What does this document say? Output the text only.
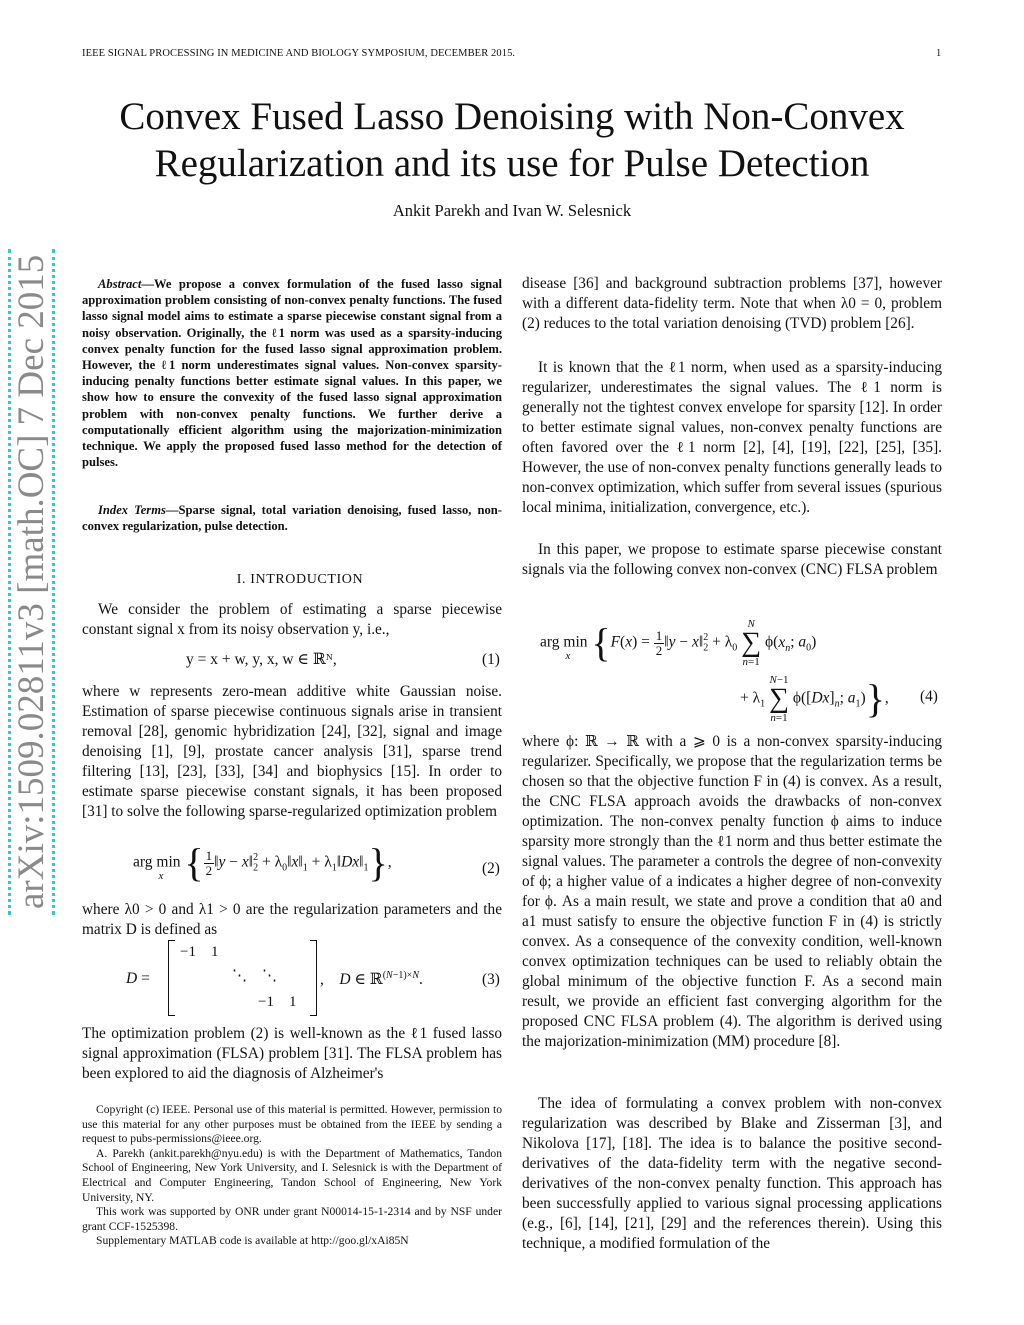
IEEE SIGNAL PROCESSING IN MEDICINE AND BIOLOGY SYMPOSIUM, DECEMBER 2015.	1
Convex Fused Lasso Denoising with Non-Convex
Regularization and its use for Pulse Detection
Ankit Parekh and Ivan W. Selesnick
arXiv:1509.02811v3 [math.OC] 7 Dec 2015	Abstract—We propose a convex formulation of the fused lasso signal approximation problem consisting of non-convex penalty functions. The fused lasso signal model aims to estimate a sparse piecewise constant signal from a noisy observation. Originally, the ℓ1 norm was used as a sparsity-inducing convex penalty function for the fused lasso signal approximation problem. However, the ℓ1 norm underestimates signal values. Non-convex sparsity-inducing penalty functions better estimate signal values. In this paper, we show how to ensure the convexity of the fused lasso signal approximation problem with non-convex penalty functions. We further derive a computationally efficient algorithm using the majorization-minimization technique. We apply the proposed fused lasso method for the detection of pulses.

Index Terms—Sparse signal, total variation denoising, fused lasso, non-convex regularization, pulse detection.

I. INTRODUCTION

We consider the problem of estimating a sparse piecewise constant signal x from its noisy observation y, i.e.,

y = x + w, y, x, w ∈ ℝᴺ,	(1)

where w represents zero-mean additive white Gaussian noise. Estimation of sparse piecewise continuous signals arise in transient removal [28], genomic hybridization [24], [32], signal and image denoising [1], [9], prostate cancer analysis [31], sparse trend filtering [13], [23], [33], [34] and biophysics [15]. In order to estimate sparse piecewise constant signals, it has been proposed [31] to solve the following sparse-regularized optimization problem

arg min
x { $\frac{1}{2}$ ‖y − $x‖_2^2$ + $\lambda_0‖x‖_1$ + $\lambda_1‖Dx‖_1$},	(2)

where λ0 > 0 and λ1 > 0 are the regularization parameters and the matrix D is defined as

D =
−1    1
⋱    ⋱
−1    1
,    D ∈ ℝ$^{(N-1)\times N}$.	(3)

The optimization problem (2) is well-known as the ℓ1 fused lasso signal approximation (FLSA) problem [31]. The FLSA problem has been explored to aid the diagnosis of Alzheimer's

Copyright (c) IEEE. Personal use of this material is permitted. However, permission to use this material for any other purposes must be obtained from the IEEE by sending a request to pubs-permissions@ieee.org.

A. Parekh (ankit.parekh@nyu.edu) is with the Department of Mathematics, Tandon School of Engineering, New York University, and I. Selesnick is with the Department of Electrical and Computer Engineering, Tandon School of Engineering, New York University, NY.

This work was supported by ONR under grant N00014-15-1-2314 and by NSF under grant CCF-1525398.

Supplementary MATLAB code is available at http://goo.gl/xAi85N

disease [36] and background subtraction problems [37], however with a different data-fidelity term. Note that when λ0 = 0, problem (2) reduces to the total variation denoising (TVD) problem [26].

It is known that the ℓ1 norm, when used as a sparsity-inducing regularizer, underestimates the signal values. The ℓ1 norm is generally not the tightest convex envelope for sparsity [12]. In order to better estimate signal values, non-convex penalty functions are often favored over the ℓ1 norm [2], [4], [19], [22], [25], [35]. However, the use of non-convex penalty functions generally leads to non-convex optimization, which suffer from several issues (spurious local minima, initialization, convergence, etc.).

In this paper, we propose to estimate sparse piecewise constant signals via the following convex non-convex (CNC) FLSA problem

arg min
x {$F(x) = \frac{1}{2}$ ‖y − $x‖_2^2 + \lambda_0$ N
∑
n=1 $\phi(x_n$; $a_0$)
+ $\lambda_1$ N−1
∑
n=1 $\phi([Dx]_n$; $a_1$)}, (4)

where ϕ: ℝ → ℝ with a ⩾ 0 is a non-convex sparsity-inducing regularizer. Specifically, we propose that the regularization terms be chosen so that the objective function F in (4) is convex. As a result, the CNC FLSA approach avoids the drawbacks of non-convex optimization. The non-convex penalty function ϕ aims to induce sparsity more strongly than the ℓ1 norm and thus better estimate the signal values. The parameter a controls the degree of non-convexity of ϕ; a higher value of a indicates a higher degree of non-convexity for ϕ. As a main result, we state and prove a condition that a0 and a1 must satisfy to ensure the objective function F in (4) is strictly convex. As a consequence of the convexity condition, well-known convex optimization techniques can be used to reliably obtain the global minimum of the objective function F. As a second main result, we provide an efficient fast converging algorithm for the proposed CNC FLSA problem (4). The algorithm is derived using the majorization-minimization (MM) procedure [8].

The idea of formulating a convex problem with non-convex regularization was described by Blake and Zisserman [3], and Nikolova [17], [18]. The idea is to balance the positive second-derivatives of the data-fidelity term with the negative second-derivatives of the non-convex penalty function. This approach has been successfully applied to various signal processing applications (e.g., [6], [14], [21], [29] and the references therein). Using this technique, a modified formulation of the
